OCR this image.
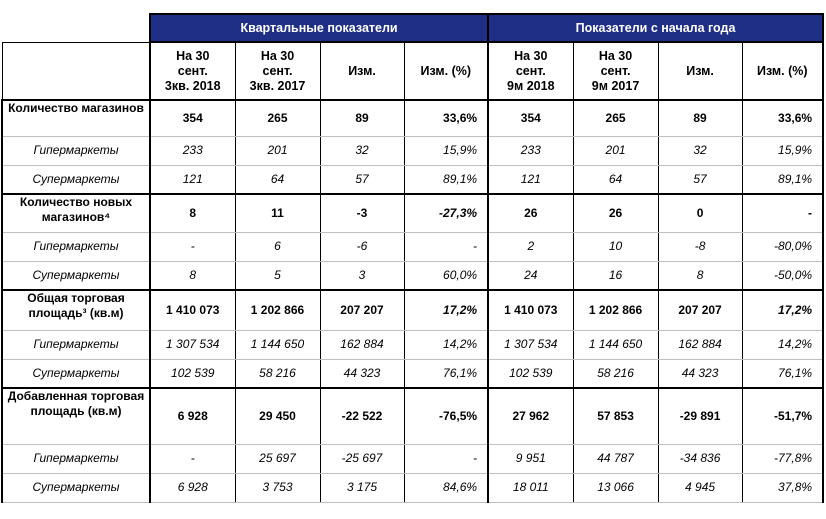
	Квартальные показатели				Показатели с начала года			
	На 30
сент.
3кв. 2018	На 30
сент.
3кв. 2017	Изм.	Изм. (%)	На 30
сент.
9м 2018	На 30
сент.
9м 2017	Изм.	Изм. (%)
Количество магазинов	354	265	89	33,6%	354	265	89	33,6%
Гипермаркеты	233	201	32	15,9%	233	201	32	15,9%
Супермаркеты	121	64	57	89,1%	121	64	57	89,1%
Количество новых магазинов⁴	8	11	-3	-27,3%	26	26	0	-
Гипермаркеты	-	6	-6	-	2	10	-8	-80,0%
Супермаркеты	8	5	3	60,0%	24	16	8	-50,0%
Общая торговая площадь³ (кв.м)	1 410 073	1 202 866	207 207	17,2%	1 410 073	1 202 866	207 207	17,2%
Гипермаркеты	1 307 534	1 144 650	162 884	14,2%	1 307 534	1 144 650	162 884	14,2%
Супермаркеты	102 539	58 216	44 323	76,1%	102 539	58 216	44 323	76,1%
Добавленная торговая площадь (кв.м)	6 928	29 450	-22 522	-76,5%	27 962	57 853	-29 891	-51,7%
Гипермаркеты	-	25 697	-25 697	-	9 951	44 787	-34 836	-77,8%
Супермаркеты	6 928	3 753	3 175	84,6%	18 011	13 066	4 945	37,8%
